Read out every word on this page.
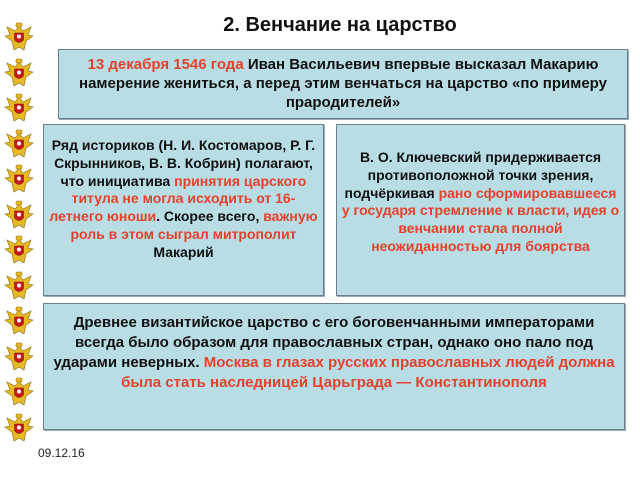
2. Венчание на царство
13 декабря 1546 года Иван Васильевич впервые высказал Макарию намерение жениться, а перед этим венчаться на царство «по примеру прародителей»
Ряд историков (Н. И. Костомаров, Р. Г. Скрынников, В. В. Кобрин) полагают, что инициатива принятия царского титула не могла исходить от 16-летнего юноши. Скорее всего, важную роль в этом сыграл митрополит Макарий
В. О. Ключевский придерживается противоположной точки зрения, подчёркивая рано сформировавшееся у государя стремление к власти, идея о венчании стала полной неожиданностью для боярства
Древнее византийское царство с его боговенчанными императорами всегда было образом для православных стран, однако оно пало под ударами неверных. Москва в глазах русских православных людей должна была стать наследницей Царьграда — Константинополя
09.12.16
